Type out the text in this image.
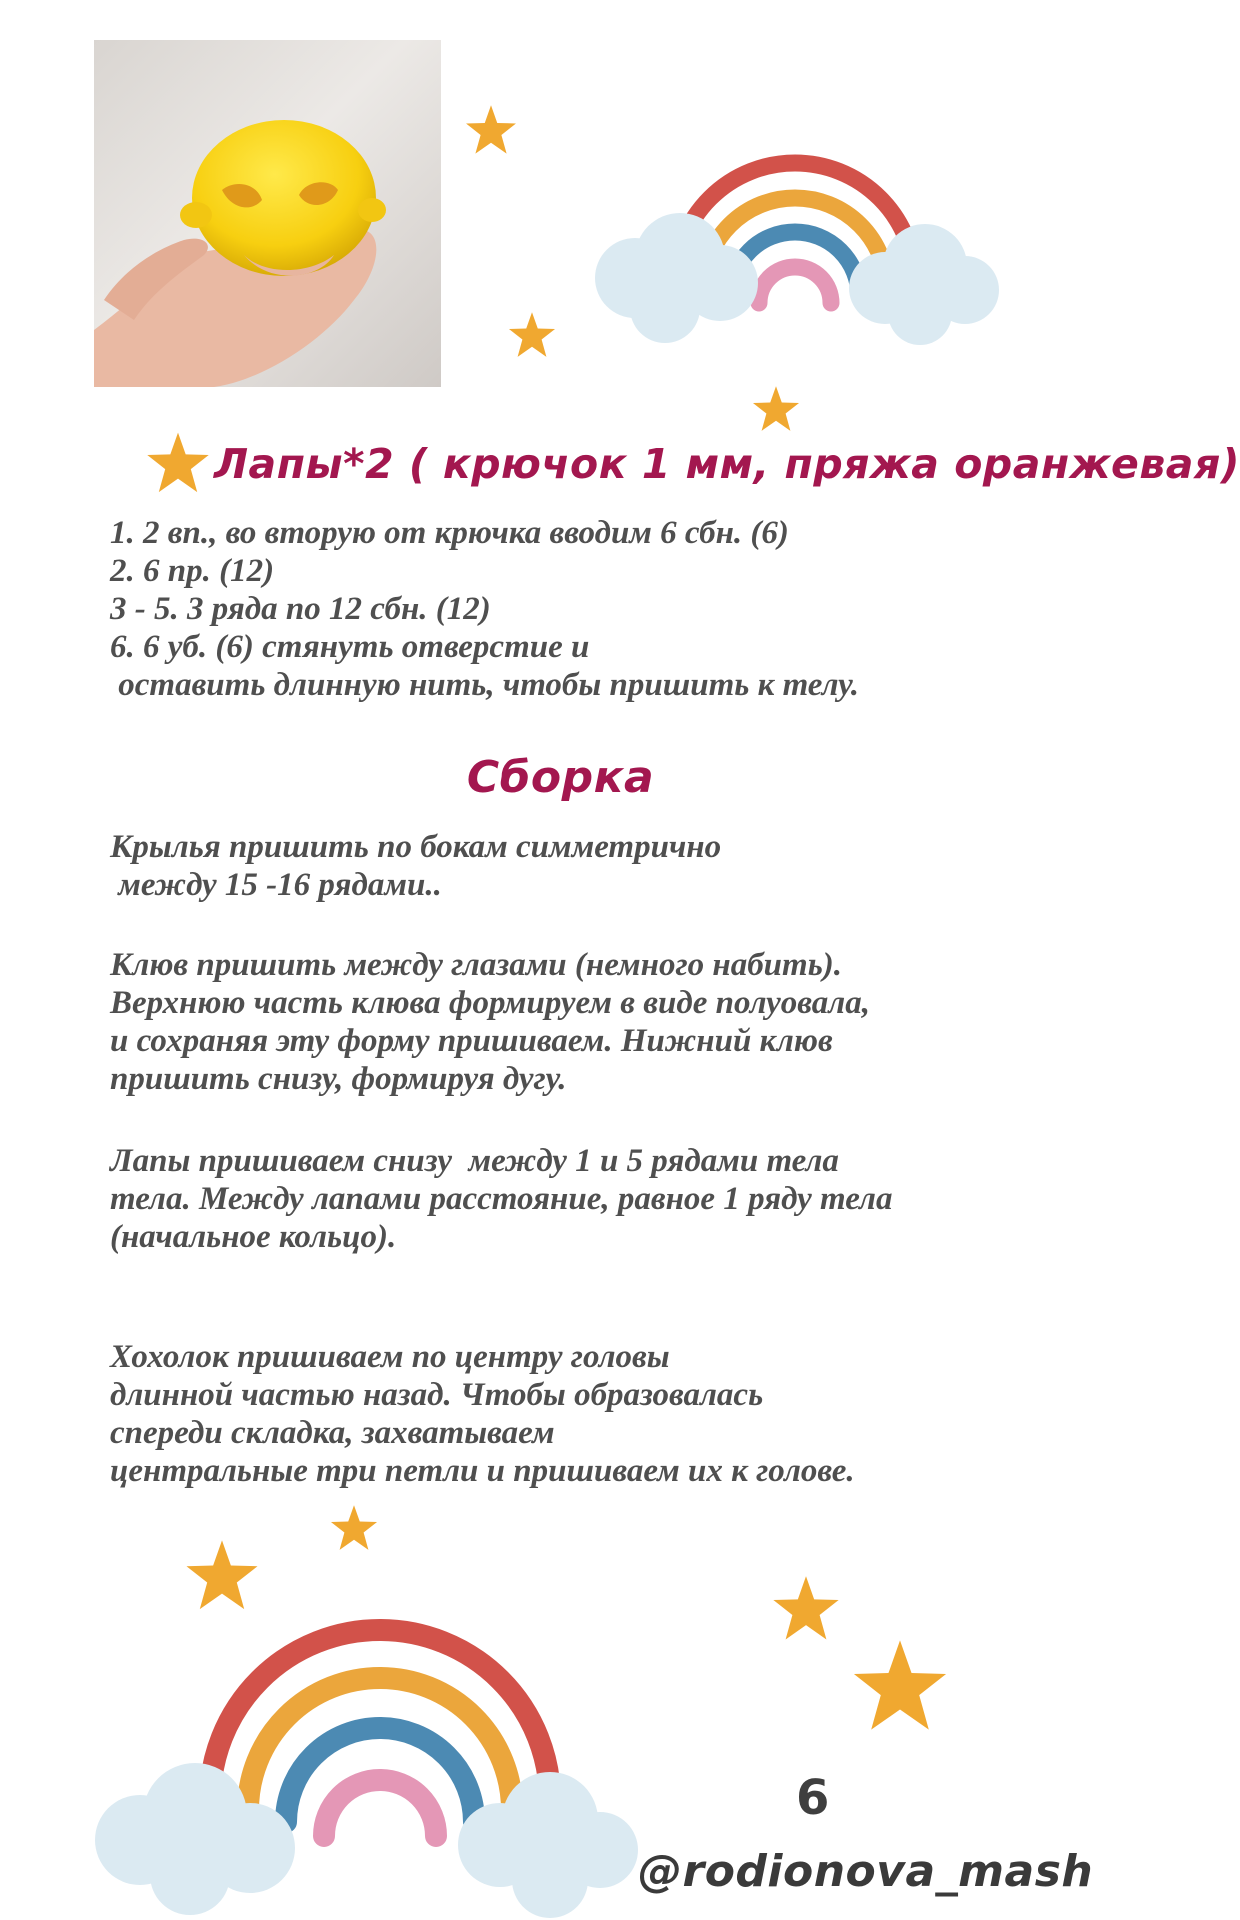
Лапы*2 ( крючок 1 мм, пряжа оранжевая)
1. 2 вп., во вторую от крючка вводим 6 сбн. (6)
2. 6 пр. (12)
3 - 5. 3 ряда по 12 сбн. (12)
6. 6 уб. (6) стянуть отверстие и
оставить длинную нить, чтобы пришить к телу.
Сборка
Крылья пришить по бокам симметрично
между 15 -16 рядами..
Клюв пришить между глазами (немного набить).
Верхнюю часть клюва формируем в виде полуовала,
и сохраняя эту форму пришиваем. Нижний клюв
пришить снизу, формируя дугу.
Лапы пришиваем снизу  между 1 и 5 рядами тела
тела. Между лапами расстояние, равное 1 ряду тела
(начальное кольцо).
Хохолок пришиваем по центру головы
длинной частью назад. Чтобы образовалась
спереди складка, захватываем
центральные три петли и пришиваем их к голове.
6
@rodionova_mash
